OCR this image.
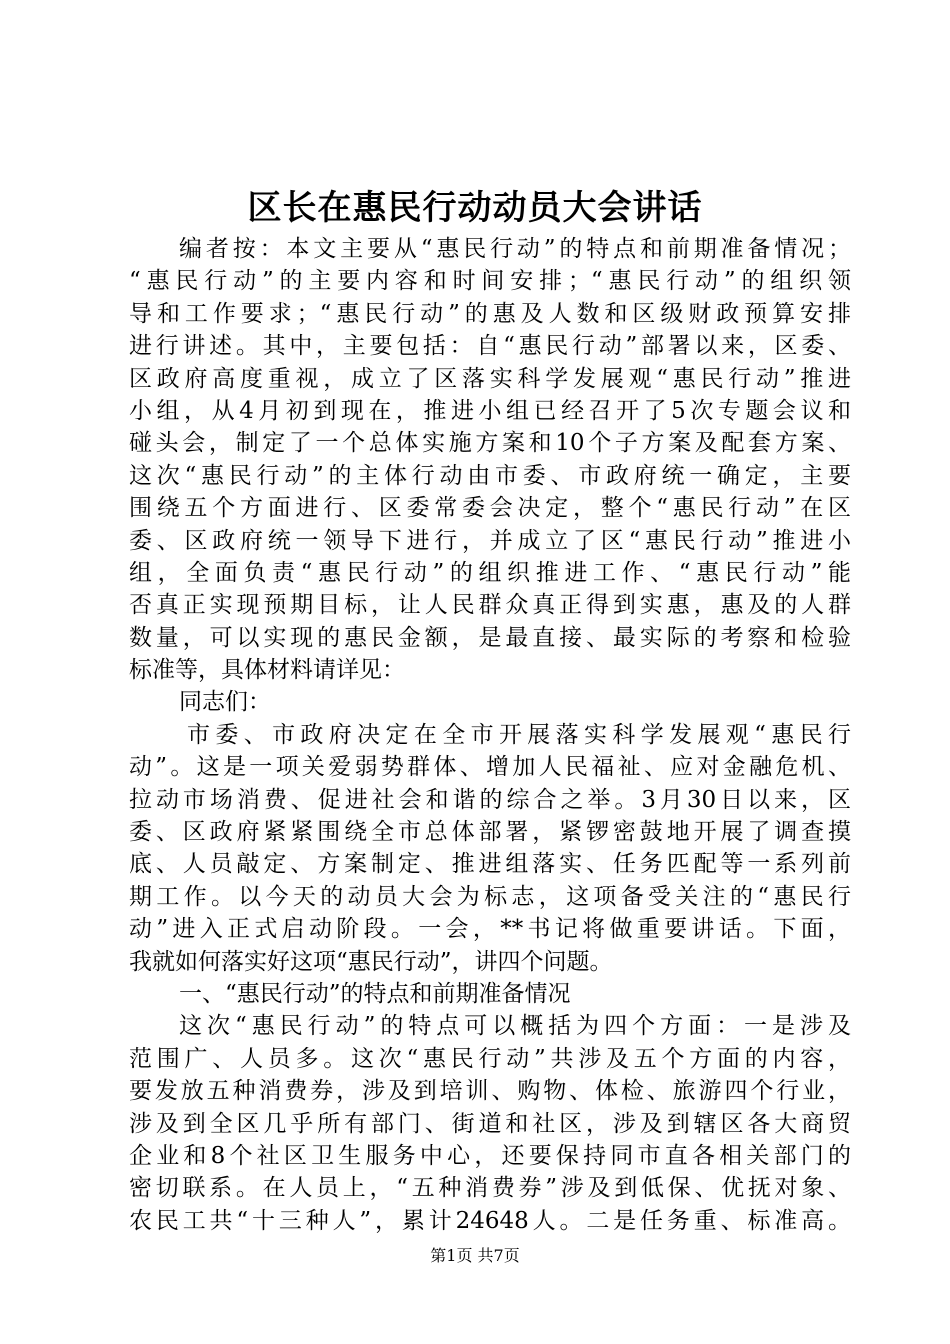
区长在惠民行动动员大会讲话
编者按：本文主要从“惠民行动”的特点和前期准备情况；
“惠民行动”的主要内容和时间安排；“惠民行动”的组织领
导和工作要求；“惠民行动”的惠及人数和区级财政预算安排
进行讲述。其中，主要包括：自“惠民行动”部署以来，区委、
区政府高度重视，成立了区落实科学发展观“惠民行动”推进
小组，从4月初到现在，推进小组已经召开了5次专题会议和
碰头会，制定了一个总体实施方案和10个子方案及配套方案、
这次“惠民行动”的主体行动由市委、市政府统一确定，主要
围绕五个方面进行、区委常委会决定，整个“惠民行动”在区
委、区政府统一领导下进行，并成立了区“惠民行动”推进小
组，全面负责“惠民行动”的组织推进工作、“惠民行动”能
否真正实现预期目标，让人民群众真正得到实惠，惠及的人群
数量，可以实现的惠民金额，是最直接、最实际的考察和检验
标准等，具体材料请详见：
同志们：
市委、市政府决定在全市开展落实科学发展观“惠民行
动”。这是一项关爱弱势群体、增加人民福祉、应对金融危机、
拉动市场消费、促进社会和谐的综合之举。3月30日以来，区
委、区政府紧紧围绕全市总体部署，紧锣密鼓地开展了调查摸
底、人员敲定、方案制定、推进组落实、任务匹配等一系列前
期工作。以今天的动员大会为标志，这项备受关注的“惠民行
动”进入正式启动阶段。一会，**书记将做重要讲话。下面，
我就如何落实好这项“惠民行动”，讲四个问题。
一、“惠民行动”的特点和前期准备情况
这次“惠民行动”的特点可以概括为四个方面：一是涉及
范围广、人员多。这次“惠民行动”共涉及五个方面的内容，
要发放五种消费券，涉及到培训、购物、体检、旅游四个行业，
涉及到全区几乎所有部门、街道和社区，涉及到辖区各大商贸
企业和8个社区卫生服务中心，还要保持同市直各相关部门的
密切联系。在人员上，“五种消费券”涉及到低保、优抚对象、
农民工共“十三种人”，累计24648人。二是任务重、标准高。
第1页 共7页
